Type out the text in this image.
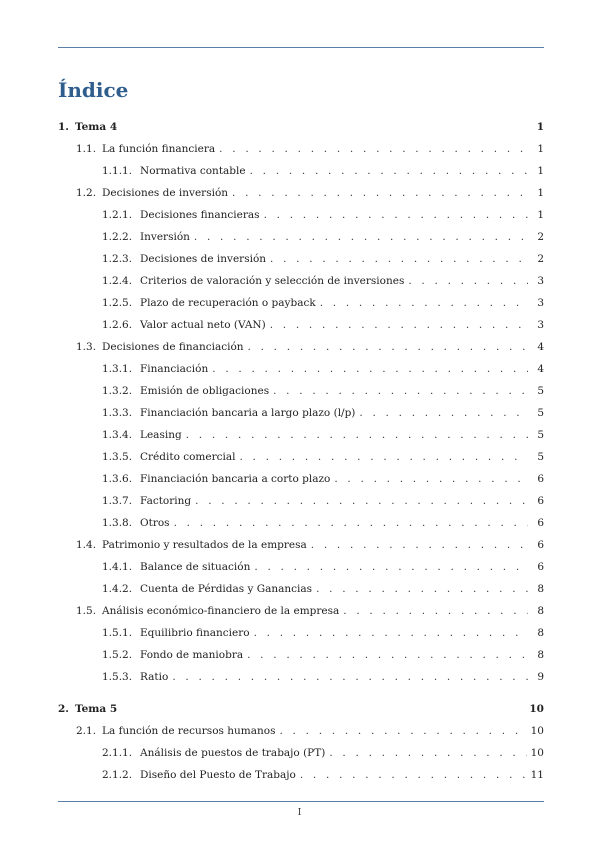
Índice
1. Tema 4	1
1.1. La función financiera . . .	1
1.1.1. Normativa contable . . .	1
1.2. Decisiones de inversión . . .	1
1.2.1. Decisiones financieras . . .	1
1.2.2. Inversión . . .	2
1.2.3. Decisiones de inversión . . .	2
1.2.4. Criterios de valoración y selección de inversiones . . .	3
1.2.5. Plazo de recuperación o payback . . .	3
1.2.6. Valor actual neto (VAN) . . .	3
1.3. Decisiones de financiación . . .	4
1.3.1. Financiación . . .	4
1.3.2. Emisión de obligaciones . . .	5
1.3.3. Financiación bancaria a largo plazo (l/p) . . .	5
1.3.4. Leasing . . .	5
1.3.5. Crédito comercial . . .	5
1.3.6. Financiación bancaria a corto plazo . . .	6
1.3.7. Factoring . . .	6
1.3.8. Otros . . .	6
1.4. Patrimonio y resultados de la empresa . . .	6
1.4.1. Balance de situación . . .	6
1.4.2. Cuenta de Pérdidas y Ganancias . . .	8
1.5. Análisis económico-financiero de la empresa . . .	8
1.5.1. Equilibrio financiero . . .	8
1.5.2. Fondo de maniobra . . .	8
1.5.3. Ratio . . .	9
2. Tema 5	10
2.1. La función de recursos humanos . . .	10
2.1.1. Análisis de puestos de trabajo (PT) . . .	10
2.1.2. Diseño del Puesto de Trabajo . . .	11
I
